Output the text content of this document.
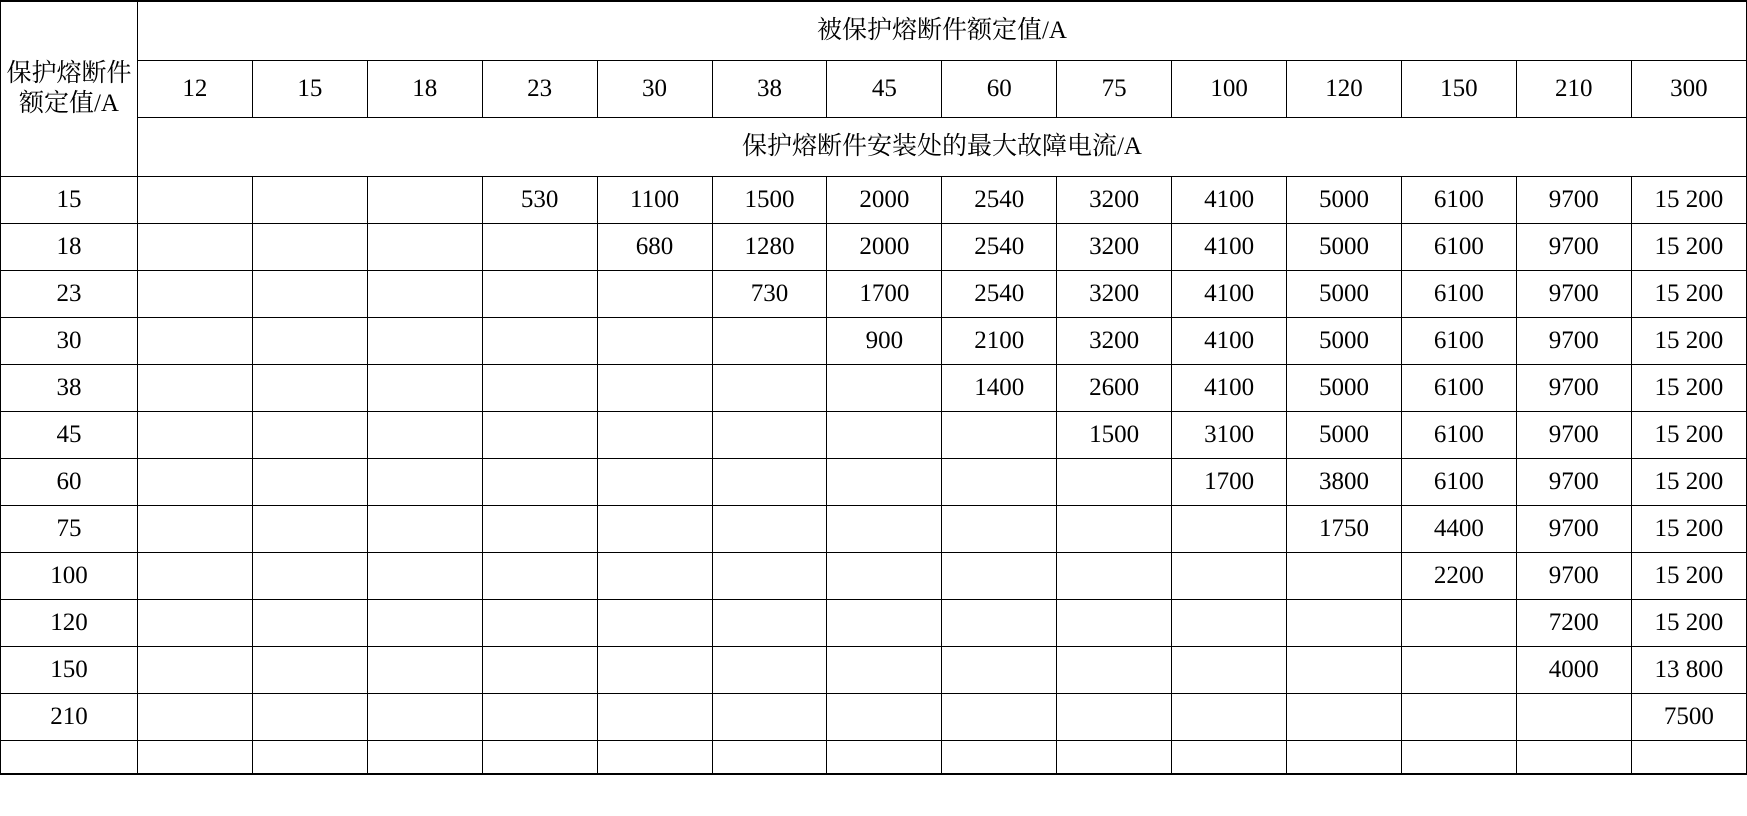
保护熔断件额定值/A	被保护熔断件额定值/A													
	12	15	18	23	30	38	45	60	75	100	120	150	210	300
	保护熔断件安装处的最大故障电流/A													
15				530	1100	1500	2000	2540	3200	4100	5000	6100	9700	15 200
18					680	1280	2000	2540	3200	4100	5000	6100	9700	15 200
23						730	1700	2540	3200	4100	5000	6100	9700	15 200
30							900	2100	3200	4100	5000	6100	9700	15 200
38								1400	2600	4100	5000	6100	9700	15 200
45									1500	3100	5000	6100	9700	15 200
60										1700	3800	6100	9700	15 200
75											1750	4400	9700	15 200
100												2200	9700	15 200
120													7200	15 200
150													4000	13 800
210														7500
